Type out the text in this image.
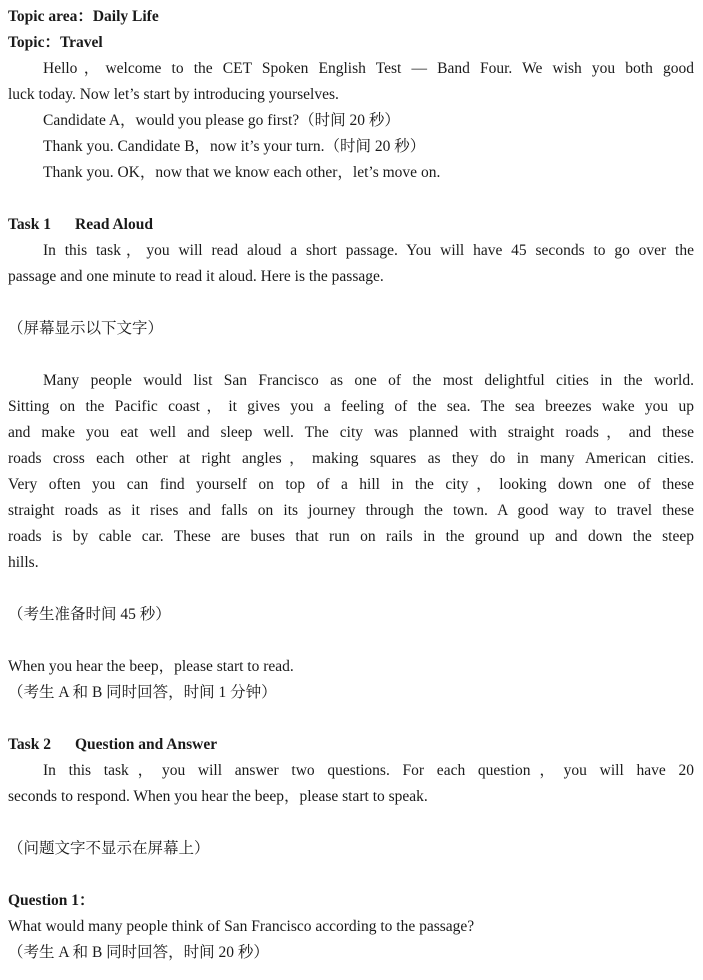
Topic area：Daily Life
Topic：Travel
Hello，welcome to the CET Spoken English Test — Band Four. We wish you both good
luck today. Now let’s start by introducing yourselves.
Candidate A，would you please go first?（时间 20 秒）
Thank you. Candidate B，now it’s your turn.（时间 20 秒）
Thank you. OK，now that we know each other，let’s move on.
Task 1 Read Aloud
In this task，you will read aloud a short passage. You will have 45 seconds to go over the
passage and one minute to read it aloud. Here is the passage.
（屏幕显示以下文字）
Many people would list San Francisco as one of the most delightful cities in the world.
Sitting on the Pacific coast，it gives you a feeling of the sea. The sea breezes wake you up
and make you eat well and sleep well. The city was planned with straight roads，and these
roads cross each other at right angles，making squares as they do in many American cities.
Very often you can find yourself on top of a hill in the city，looking down one of these
straight roads as it rises and falls on its journey through the town. A good way to travel these
roads is by cable car. These are buses that run on rails in the ground up and down the steep
hills.
（考生准备时间 45 秒）
When you hear the beep，please start to read.
（考生 A 和 B 同时回答，时间 1 分钟）
Task 2 Question and Answer
In this task，you will answer two questions. For each question，you will have 20
seconds to respond. When you hear the beep，please start to speak.
（问题文字不显示在屏幕上）
Question 1：
What would many people think of San Francisco according to the passage?
（考生 A 和 B 同时回答，时间 20 秒）
